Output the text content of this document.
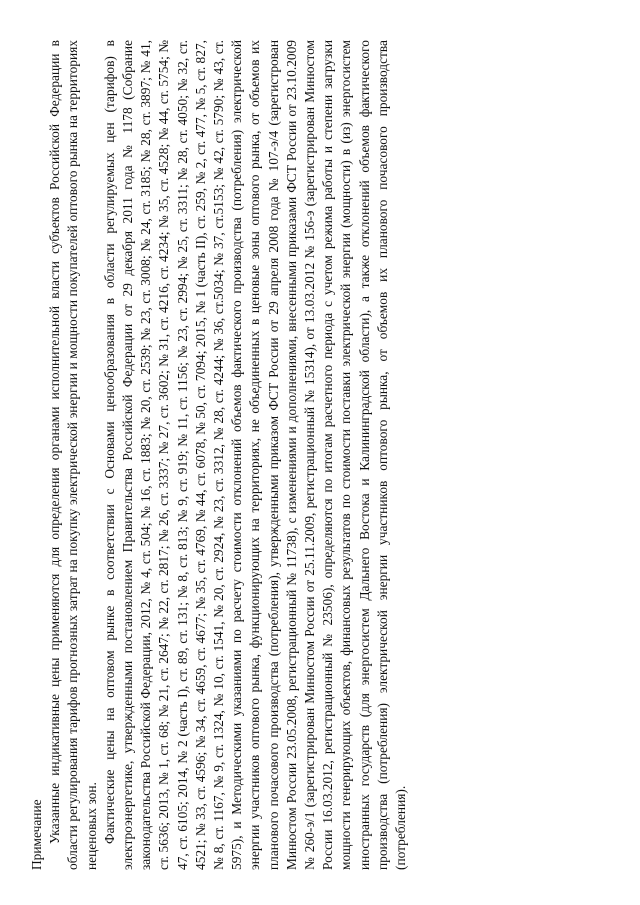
Примечание Указанные индикативные цены применяются для определения органами исполнительной власти субъектов Российской Федерации в области регулирования тарифов прогнозных затрат на покупку электрической энергии и мощности покупателей оптового рынка на территориях неценовых зон. Фактические цены на оптовом рынке в соответствии с Основами ценообразования в области регулируемых цен (тарифов) в электроэнергетике, утвержденными постановлением Правительства Российской Федерации от 29 декабря 2011 года № 1178 (Собрание законодательства Российской Федерации, 2012, № 4, ст. 504; № 16, ст. 1883; № 20, ст. 2539; № 23, ст. 3008; № 24, ст. 3185; № 28, ст. 3897; № 41, ст. 5636; 2013, № 1, ст. 68; № 21, ст. 2647; № 22, ст. 2817; № 26, ст. 3337; № 27, ст. 3602; № 31, ст. 4216, ст. 4234; № 35, ст. 4528; № 44, ст. 5754; № 47, ст. 6105; 2014, № 2 (часть I), ст. 89, ст. 131; № 8, ст. 813; № 9, ст. 919; № 11, ст. 1156; № 23, ст. 2994; № 25, ст. 3311; № 28, ст. 4050; № 32, ст. 4521; № 33, ст. 4596; № 34, ст. 4659, ст. 4677; № 35, ст. 4769, № 44, ст. 6078, № 50, ст. 7094; 2015, № 1 (часть II), ст. 259, № 2, ст. 477, № 5, ст. 827, № 8, ст. 1167, № 9, ст. 1324, № 10, ст. 1541, № 20, ст. 2924, № 23, ст. 3312, № 28, ст. 4244; № 36, ст.5034; № 37, ст.5153; № 42, ст. 5790; № 43, ст. 5975), и Методическими указаниями по расчету стоимости отклонений объемов фактического производства (потребления) электрической энергии участников оптового рынка, функционирующих на территориях, не объединенных в ценовые зоны оптового рынка, от объемов их планового почасового производства (потребления), утвержденными приказом ФСТ России от 29 апреля 2008 года № 107-э/4 (зарегистрован Минюстом России 23.05.2008, регистрационный № 11738), с изменениями и дополнениями, внесенными приказами ФСТ России от 23.10.2009 № 260-э/1 (зарегистрирован Минюстом России от 25.11.2009, регистрационный № 15314), от 13.03.2012 № 156-э (зарегистрирован Минюстом России 16.03.2012, регистрационный № 23506), определяются по итогам расчетного периода с учетом режима работы и степени загрузки мощности генерирующих объектов, финансовых результатов по стоимости поставки электрической энергии (мощности) в (из) энергосистем иностранных государств (для энергосистем Дальнего Востока и Калининградской области), а также отклонений объемов фактического производства (потребления) электрической энергии участников оптового рынка, от объемов их планового почасового производства (потребления).
